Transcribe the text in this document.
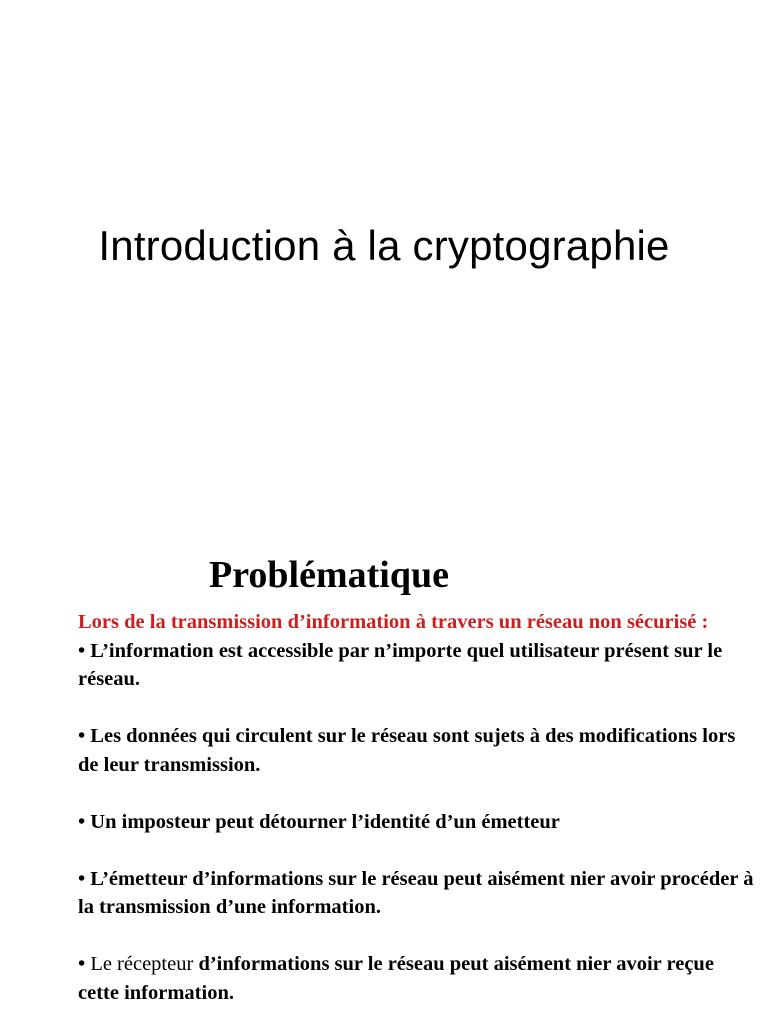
Introduction à la cryptographie
Problématique
Lors de la transmission d’information à travers un réseau non sécurisé :
• L’information est accessible par n’importe quel utilisateur présent sur le réseau.
• Les données qui circulent sur le réseau sont sujets à des modifications lors de leur transmission.
• Un imposteur peut détourner l’identité d’un émetteur
• L’émetteur d’informations sur le réseau peut aisément nier avoir procéder à la transmission d’une information.
• Le récepteur d’informations sur le réseau peut aisément nier avoir reçue cette information.
